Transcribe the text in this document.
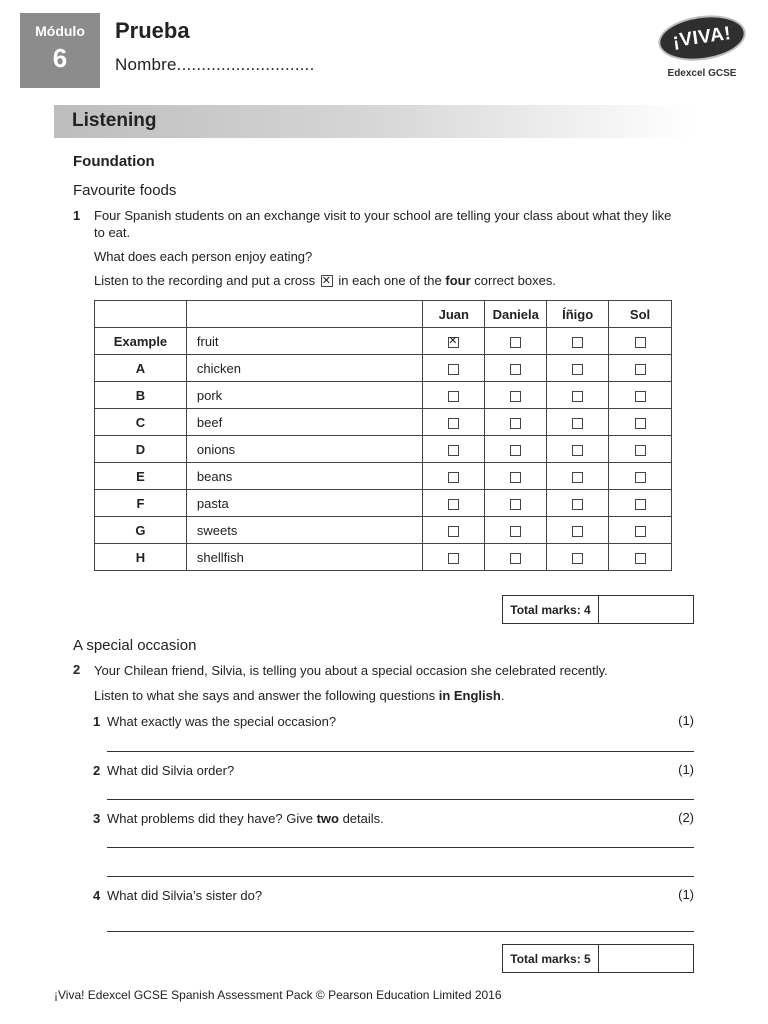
Módulo
6
Prueba
Nombre............................
¡VIVA!
Edexcel GCSE
Listening
Foundation
Favourite foods
1 Four Spanish students on an exchange visit to your school are telling your class about what they like to eat.
What does each person enjoy eating?
Listen to the recording and put a cross ✕ in each one of the four correct boxes.
		Juan	Daniela	Íñigo	Sol
Example	fruit	✕			
A	chicken				
B	pork				
C	beef				
D	onions				
E	beans				
F	pasta				
G	sweets				
H	shellfish				
Total marks: 4
A special occasion
2 Your Chilean friend, Silvia, is telling you about a special occasion she celebrated recently.
Listen to what she says and answer the following questions in English.
1 What exactly was the special occasion?	(1)
2 What did Silvia order?	(1)
3 What problems did they have? Give two details.	(2)
4 What did Silvia’s sister do?	(1)
Total marks: 5
¡Viva! Edexcel GCSE Spanish Assessment Pack © Pearson Education Limited 2016
